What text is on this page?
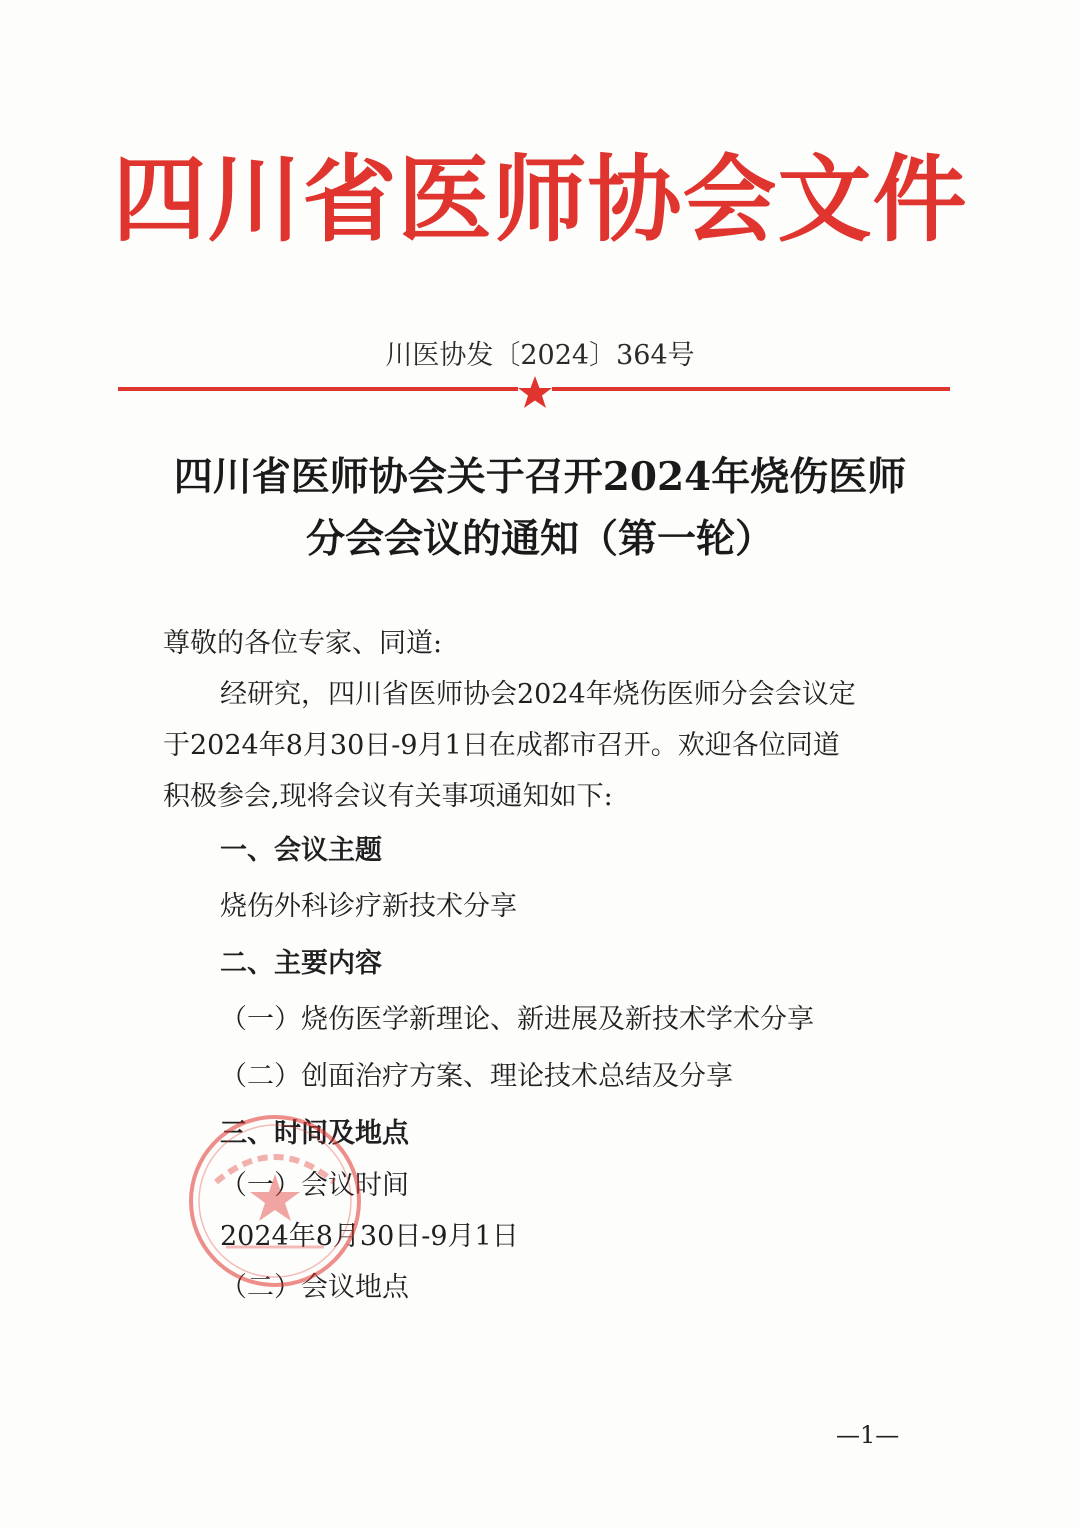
四川省医师协会文件
川医协发〔2024〕364号
四川省医师协会关于召开2024年烧伤医师
分会会议的通知（第一轮）
尊敬的各位专家、同道:
经研究，四川省医师协会2024年烧伤医师分会会议定
于2024年8月30日-9月1日在成都市召开。欢迎各位同道
积极参会,现将会议有关事项通知如下:
一、会议主题
烧伤外科诊疗新技术分享
二、主要内容
（一）烧伤医学新理论、新进展及新技术学术分享
（二）创面治疗方案、理论技术总结及分享
三、时间及地点
（一）会议时间
2024年8月30日-9月1日
（二）会议地点
—1—
